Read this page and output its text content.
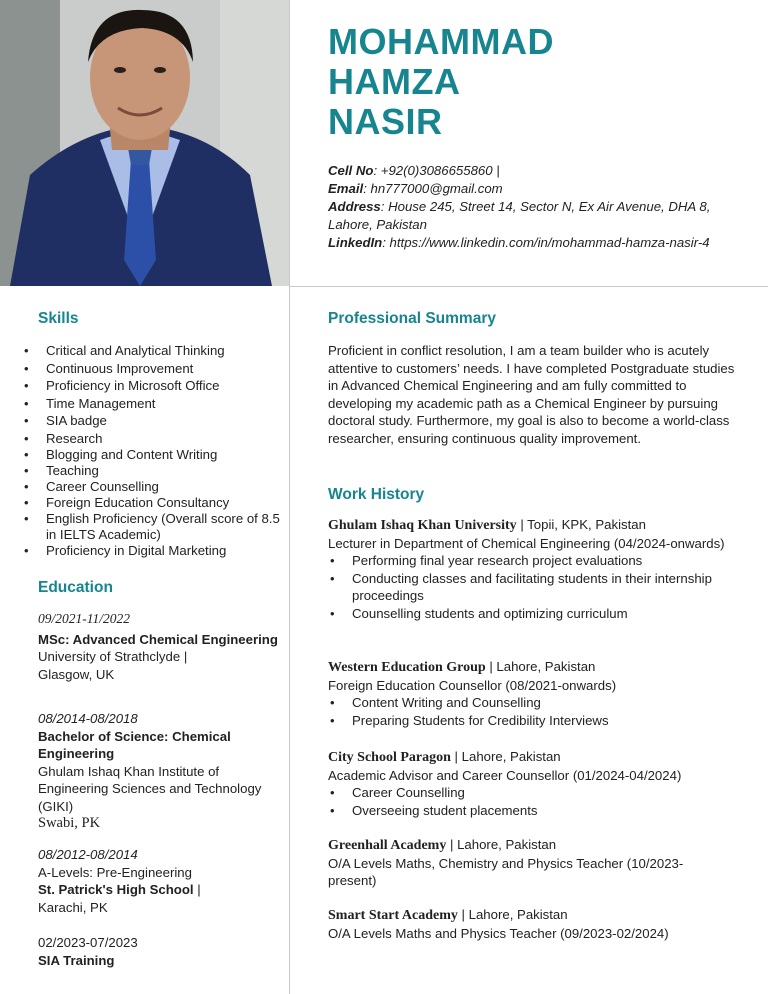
MOHAMMAD
HAMZA
NASIR
Cell No: +92(0)3086655860 |
Email: hn777000@gmail.com
Address: House 245, Street 14, Sector N, Ex Air Avenue, DHA 8, Lahore, Pakistan
LinkedIn: https://www.linkedin.com/in/mohammad-hamza-nasir-4
Skills
• Critical and Analytical Thinking
• Continuous Improvement
• Proficiency in Microsoft Office
• Time Management
• SIA badge
• Research
• Blogging and Content Writing
• Teaching
• Career Counselling
• Foreign Education Consultancy
• English Proficiency (Overall score of 8.5 in IELTS Academic)
• Proficiency in Digital Marketing
Education
09/2021-11/2022
MSc: Advanced Chemical Engineering
University of Strathclyde |
Glasgow, UK
08/2014-08/2018
Bachelor of Science: Chemical Engineering
Ghulam Ishaq Khan Institute of Engineering Sciences and Technology (GIKI)
Swabi, PK
08/2012-08/2014
A-Levels: Pre-Engineering
St. Patrick's High School |
Karachi, PK
02/2023-07/2023
SIA Training
Professional Summary
Proficient in conflict resolution, I am a team builder who is acutely attentive to customers’ needs. I have completed Postgraduate studies in Advanced Chemical Engineering and am fully committed to developing my academic path as a Chemical Engineer by pursuing doctoral study. Furthermore, my goal is also to become a world-class researcher, ensuring continuous quality improvement.
Work History
Ghulam Ishaq Khan University | Topii, KPK, Pakistan
Lecturer in Department of Chemical Engineering (04/2024-onwards)
• Performing final year research project evaluations
• Conducting classes and facilitating students in their internship proceedings
• Counselling students and optimizing curriculum
Western Education Group | Lahore, Pakistan
Foreign Education Counsellor (08/2021-onwards)
• Content Writing and Counselling
• Preparing Students for Credibility Interviews
City School Paragon | Lahore, Pakistan
Academic Advisor and Career Counsellor (01/2024-04/2024)
• Career Counselling
• Overseeing student placements
Greenhall Academy | Lahore, Pakistan
O/A Levels Maths, Chemistry and Physics Teacher (10/2023-present)
Smart Start Academy | Lahore, Pakistan
O/A Levels Maths and Physics Teacher (09/2023-02/2024)
